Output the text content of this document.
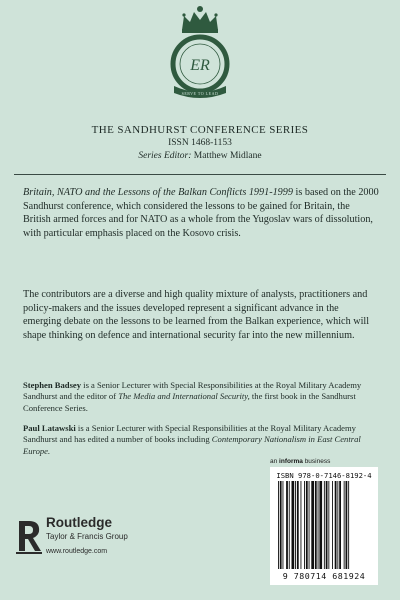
ER
SERVE TO LEAD
THE SANDHURST CONFERENCE SERIES
ISSN 1468-1153
Series Editor: Matthew Midlane
Britain, NATO and the Lessons of the Balkan Conflicts 1991-1999 is based on the 2000 Sandhurst conference, which considered the lessons to be gained for Britain, the British armed forces and for NATO as a whole from the Yugoslav wars of dissolution, with particular emphasis placed on the Kosovo crisis.
The contributors are a diverse and high quality mixture of analysts, practitioners and policy-makers and the issues developed represent a significant advance in the emerging debate on the lessons to be learned from the Balkan experience, which will shape thinking on defence and international security far into the new millennium.
Stephen Badsey is a Senior Lecturer with Special Responsibilities at the Royal Military Academy Sandhurst and the editor of The Media and International Security, the first book in the Sandhurst Conference Series.
Paul Latawski is a Senior Lecturer with Special Responsibilities at the Royal Military Academy Sandhurst and has edited a number of books including Contemporary Nationalism in East Central Europe.
Routledge
Taylor & Francis Group
www.routledge.com
an informa business
ISBN 978-0-7146-8192-4
9 780714 681924
